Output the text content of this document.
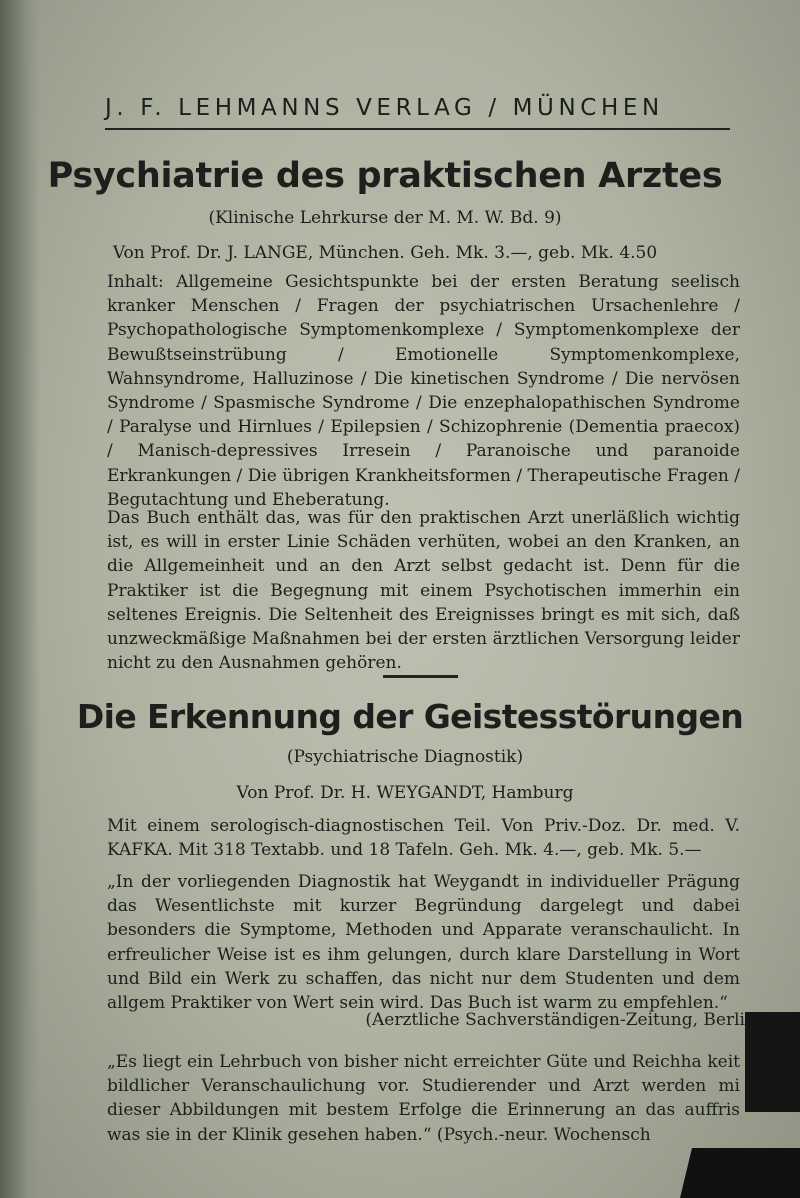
J. F. LEHMANNS VERLAG / MÜNCHEN
Psychiatrie des praktischen Arztes
(Klinische Lehrkurse der M. M. W. Bd. 9)
Von Prof. Dr. J. LANGE, München. Geh. Mk. 3.—, geb. Mk. 4.50
Inhalt: Allgemeine Gesichtspunkte bei der ersten Beratung seelisch kranker Menschen / Fragen der psychiatrischen Ursachenlehre / Psychopathologische Symptomenkomplexe / Symptomenkomplexe der Bewußtseinstrübung / Emotionelle Symptomenkomplexe, Wahnsyndrome, Halluzinose / Die kinetischen Syndrome / Die nervösen Syndrome / Spasmische Syndrome / Die enzephalopathischen Syndrome / Paralyse und Hirnlues / Epilepsien / Schizophrenie (Dementia praecox) / Manisch-depressives Irresein / Paranoische und paranoide Erkrankungen / Die übrigen Krankheitsformen / Therapeutische Fragen / Begutachtung und Eheberatung.
Das Buch enthält das, was für den praktischen Arzt unerläßlich wichtig ist, es will in erster Linie Schäden verhüten, wobei an den Kranken, an die Allgemeinheit und an den Arzt selbst gedacht ist. Denn für die Praktiker ist die Begegnung mit einem Psychotischen immerhin ein seltenes Ereignis. Die Seltenheit des Ereignisses bringt es mit sich, daß unzweckmäßige Maßnahmen bei der ersten ärztlichen Versorgung leider nicht zu den Ausnahmen gehören.
Die Erkennung der Geistesstörungen
(Psychiatrische Diagnostik)
Von Prof. Dr. H. WEYGANDT, Hamburg
Mit einem serologisch-diagnostischen Teil. Von Priv.-Doz. Dr. med. V. KAFKA. Mit 318 Textabb. und 18 Tafeln. Geh. Mk. 4.—, geb. Mk. 5.—
„In der vorliegenden Diagnostik hat Weygandt in individueller Prägung das Wesentlichste mit kurzer Begründung dargelegt und dabei besonders die Symptome, Methoden und Apparate veranschaulicht. In erfreulicher Weise ist es ihm gelungen, durch klare Darstellung in Wort und Bild ein Werk zu schaffen, das nicht nur dem Studenten und dem allgem Praktiker von Wert sein wird. Das Buch ist warm zu empfehlen.“
(Aerztliche Sachverständigen-Zeitung, Berli
„Es liegt ein Lehrbuch von bisher nicht erreichter Güte und Reichha keit bildlicher Veranschaulichung vor. Studierender und Arzt werden mi dieser Abbildungen mit bestem Erfolge die Erinnerung an das auffris was sie in der Klinik gesehen haben.“ (Psych.-neur. Wochensch
